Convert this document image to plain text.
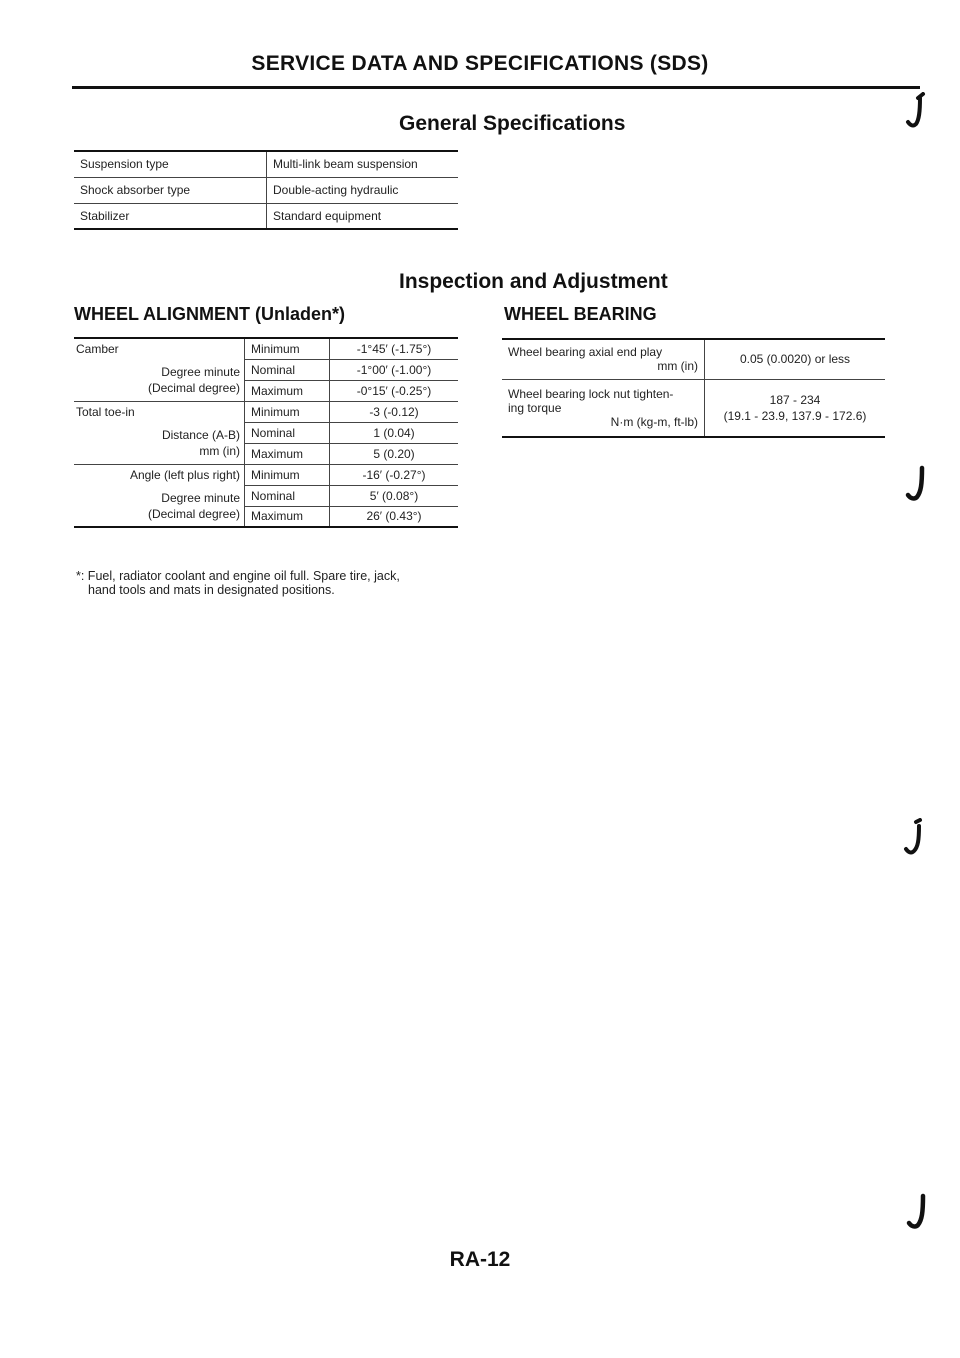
SERVICE DATA AND SPECIFICATIONS (SDS)
General Specifications
Suspension type	Multi-link beam suspension
Shock absorber type	Double-acting hydraulic
Stabilizer	Standard equipment
Inspection and Adjustment
WHEEL ALIGNMENT (Unladen*)
Camber
Degree minute
(Decimal degree)	Minimum	-1°45′ (-1.75°)
	Nominal	-1°00′ (-1.00°)
	Maximum	-0°15′ (-0.25°)

Total toe-in
Distance (A-B)
mm (in)	Minimum	-3 (-0.12)
	Nominal	1 (0.04)
	Maximum	5 (0.20)

Angle (left plus right)
Degree minute
(Decimal degree)	Minimum	-16′ (-0.27°)
	Nominal	5′ (0.08°)
	Maximum	26′ (0.43°)
*: Fuel, radiator coolant and engine oil full. Spare tire, jack,
hand tools and mats in designated positions.
WHEEL BEARING
Wheel bearing axial end play
mm (in)	0.05 (0.0020) or less

Wheel bearing lock nut tighten-
ing torque
N·m (kg-m, ft-lb)	187 - 234
(19.1 - 23.9, 137.9 - 172.6)
RA-12
